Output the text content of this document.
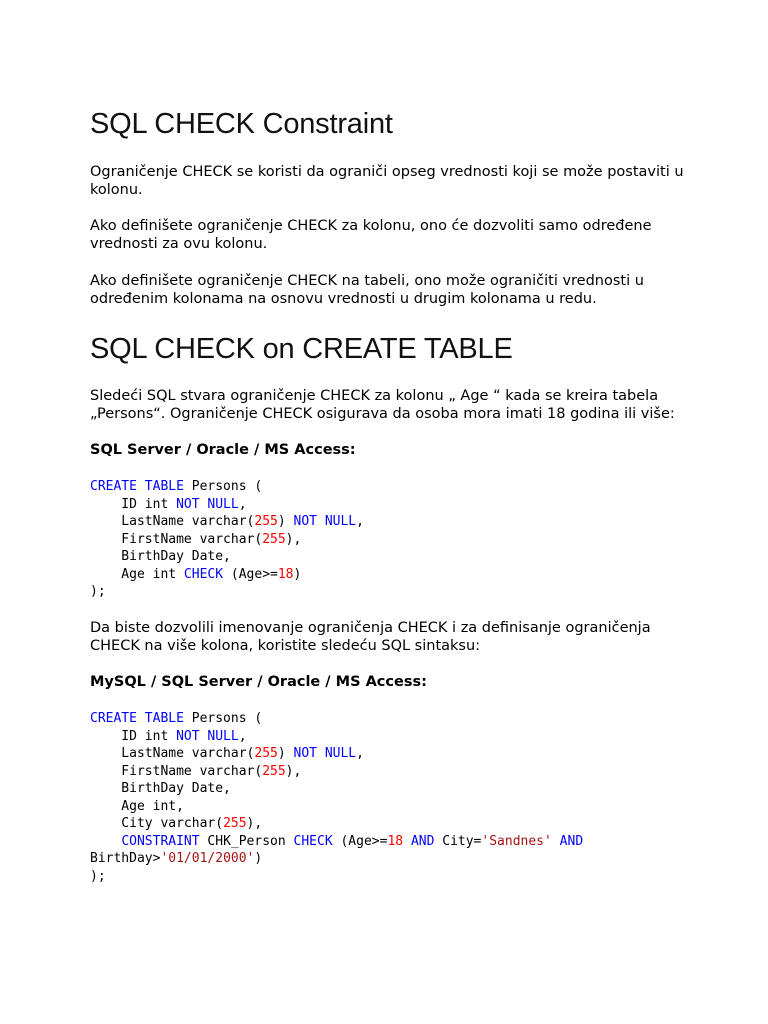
SQL CHECK Constraint

Ograničenje CHECK se koristi da ograniči opseg vrednosti koji se može postaviti u kolonu.

Ako definišete ograničenje CHECK za kolonu, ono će dozvoliti samo određene vrednosti za ovu kolonu.

Ako definišete ograničenje CHECK na tabeli, ono može ograničiti vrednosti u određenim kolonama na osnovu vrednosti u drugim kolonama u redu.

SQL CHECK on CREATE TABLE

Sledeći SQL stvara ograničenje CHECK za kolonu „ Age “ kada se kreira tabela „Persons“. Ograničenje CHECK osigurava da osoba mora imati 18 godina ili više:

SQL Server / Oracle / MS Access:
CREATE TABLE Persons (
ID int NOT NULL,
LastName varchar(255) NOT NULL,
FirstName varchar(255),
BirthDay Date,
Age int CHECK (Age>=18)
);

Da biste dozvolili imenovanje ograničenja CHECK i za definisanje ograničenja CHECK na više kolona, koristite sledeću SQL sintaksu:

MySQL / SQL Server / Oracle / MS Access:
CREATE TABLE Persons (
ID int NOT NULL,
LastName varchar(255) NOT NULL,
FirstName varchar(255),
BirthDay Date,
Age int,
City varchar(255),
CONSTRAINT CHK_Person CHECK (Age>=18 AND City='Sandnes' AND
BirthDay>'01/01/2000')
);
